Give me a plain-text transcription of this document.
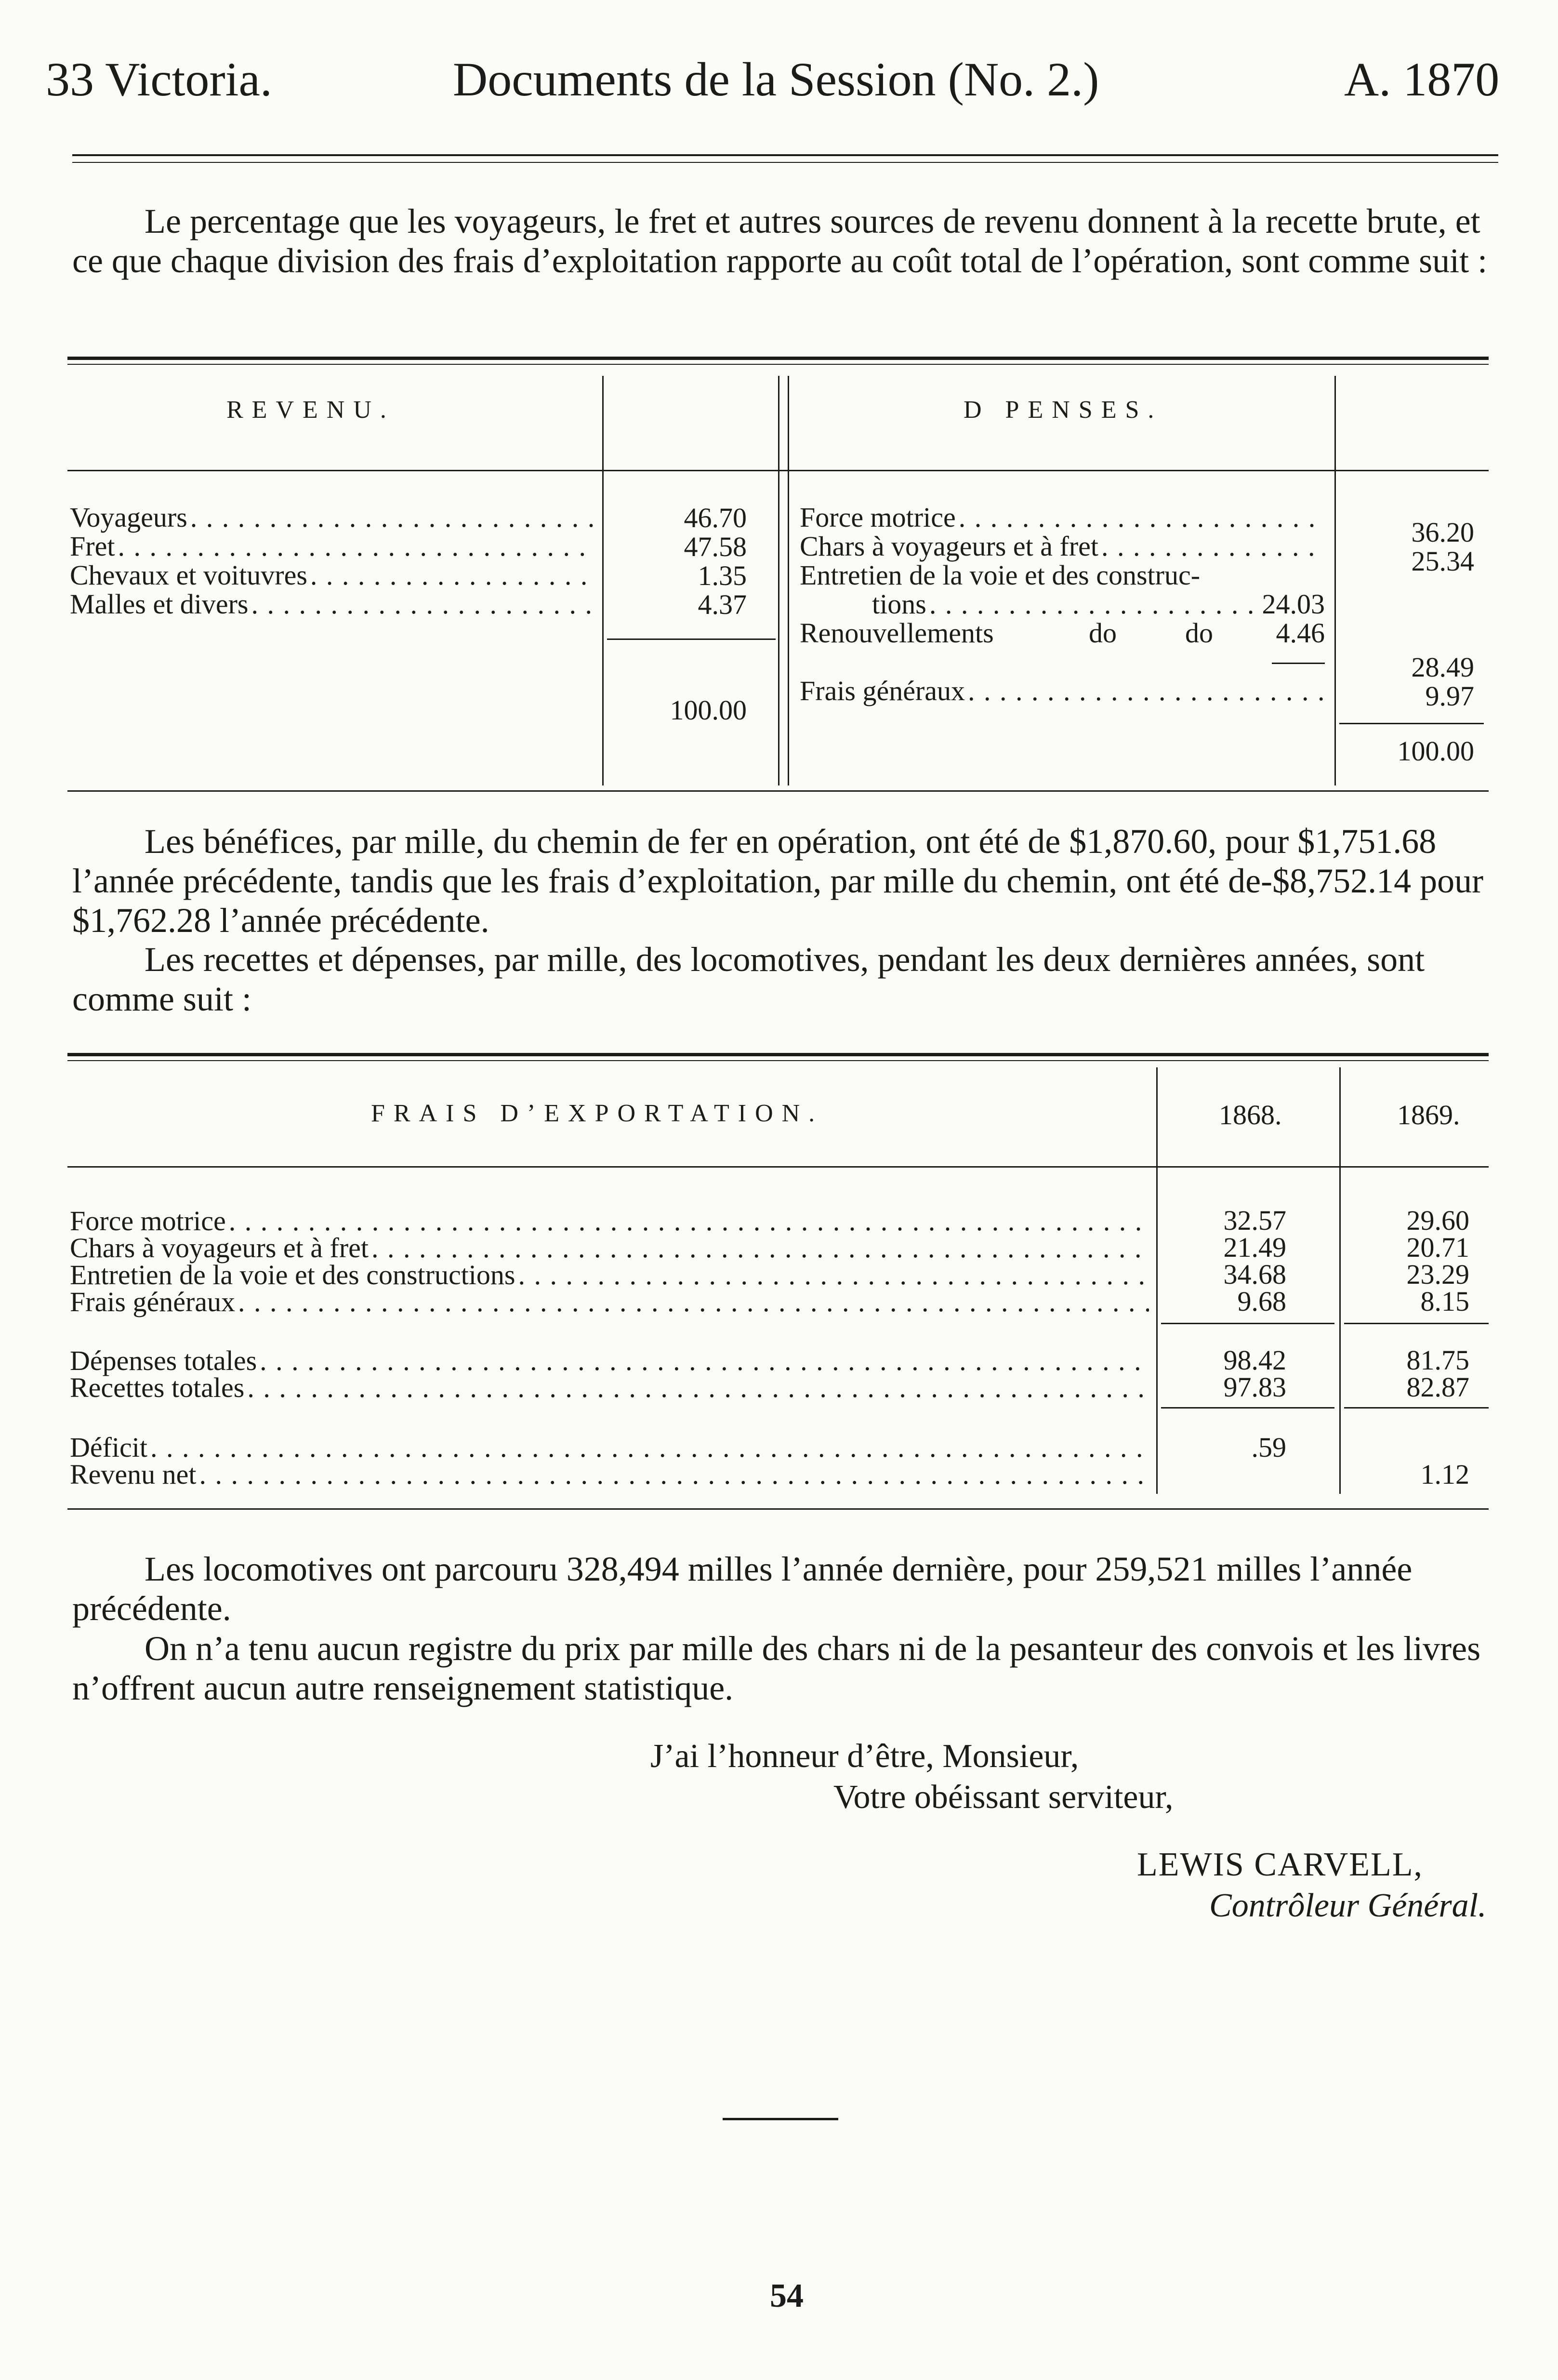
33 Victoria.	Documents de la Session (No. 2.)	A. 1870
Le percentage que les voyageurs, le fret et autres sources de revenu donnent à la recette brute, et ce que chaque division des frais d’exploitation rapporte au coût total de l’opération, sont comme suit :
REVENU.	D PENSES.
Voyageurs
. . .
Fret
. . .
Chevaux et voituvres
. . .
Malles et divers
. . .
46.70
47.58
1.35
4.37
100.00
Force motrice
. . .
Chars à voyageurs et à fret
. . .
Entretien de la voie et des construc-
tions
. . .	24.03
Renouvellements	do do 4.46
Frais généraux
. . .
36.20
25.34
28.49
9.97
100.00
Les bénéfices, par mille, du chemin de fer en opération, ont été de $1,870.60, pour $1,751.68 l’année précédente, tandis que les frais d’exploitation, par mille du chemin, ont été de-$8,752.14 pour $1,762.28 l’année précédente.
Les recettes et dépenses, par mille, des locomotives, pendant les deux dernières années, sont comme suit :
FRAIS D’EXPORTATION.	1868.	1869.
Force motrice
. . .
Chars à voyageurs et à fret
. . .
Entretien de la voie et des constructions
. . .
Frais généraux
. . .
32.57
21.49
34.68
9.68
29.60
20.71
23.29
8.15
Dépenses totales
. . .
Recettes totales
. . .
98.42
97.83
81.75
82.87
Déficit
. . .
Revenu net
. . .
.59
1.12
Les locomotives ont parcouru 328,494 milles l’année dernière, pour 259,521 milles l’année précédente.
On n’a tenu aucun registre du prix par mille des chars ni de la pesanteur des convois et les livres n’offrent aucun autre renseignement statistique.
J’ai l’honneur d’être, Monsieur,
Votre obéissant serviteur,
LEWIS CARVELL,
Contrôleur Général.
54
